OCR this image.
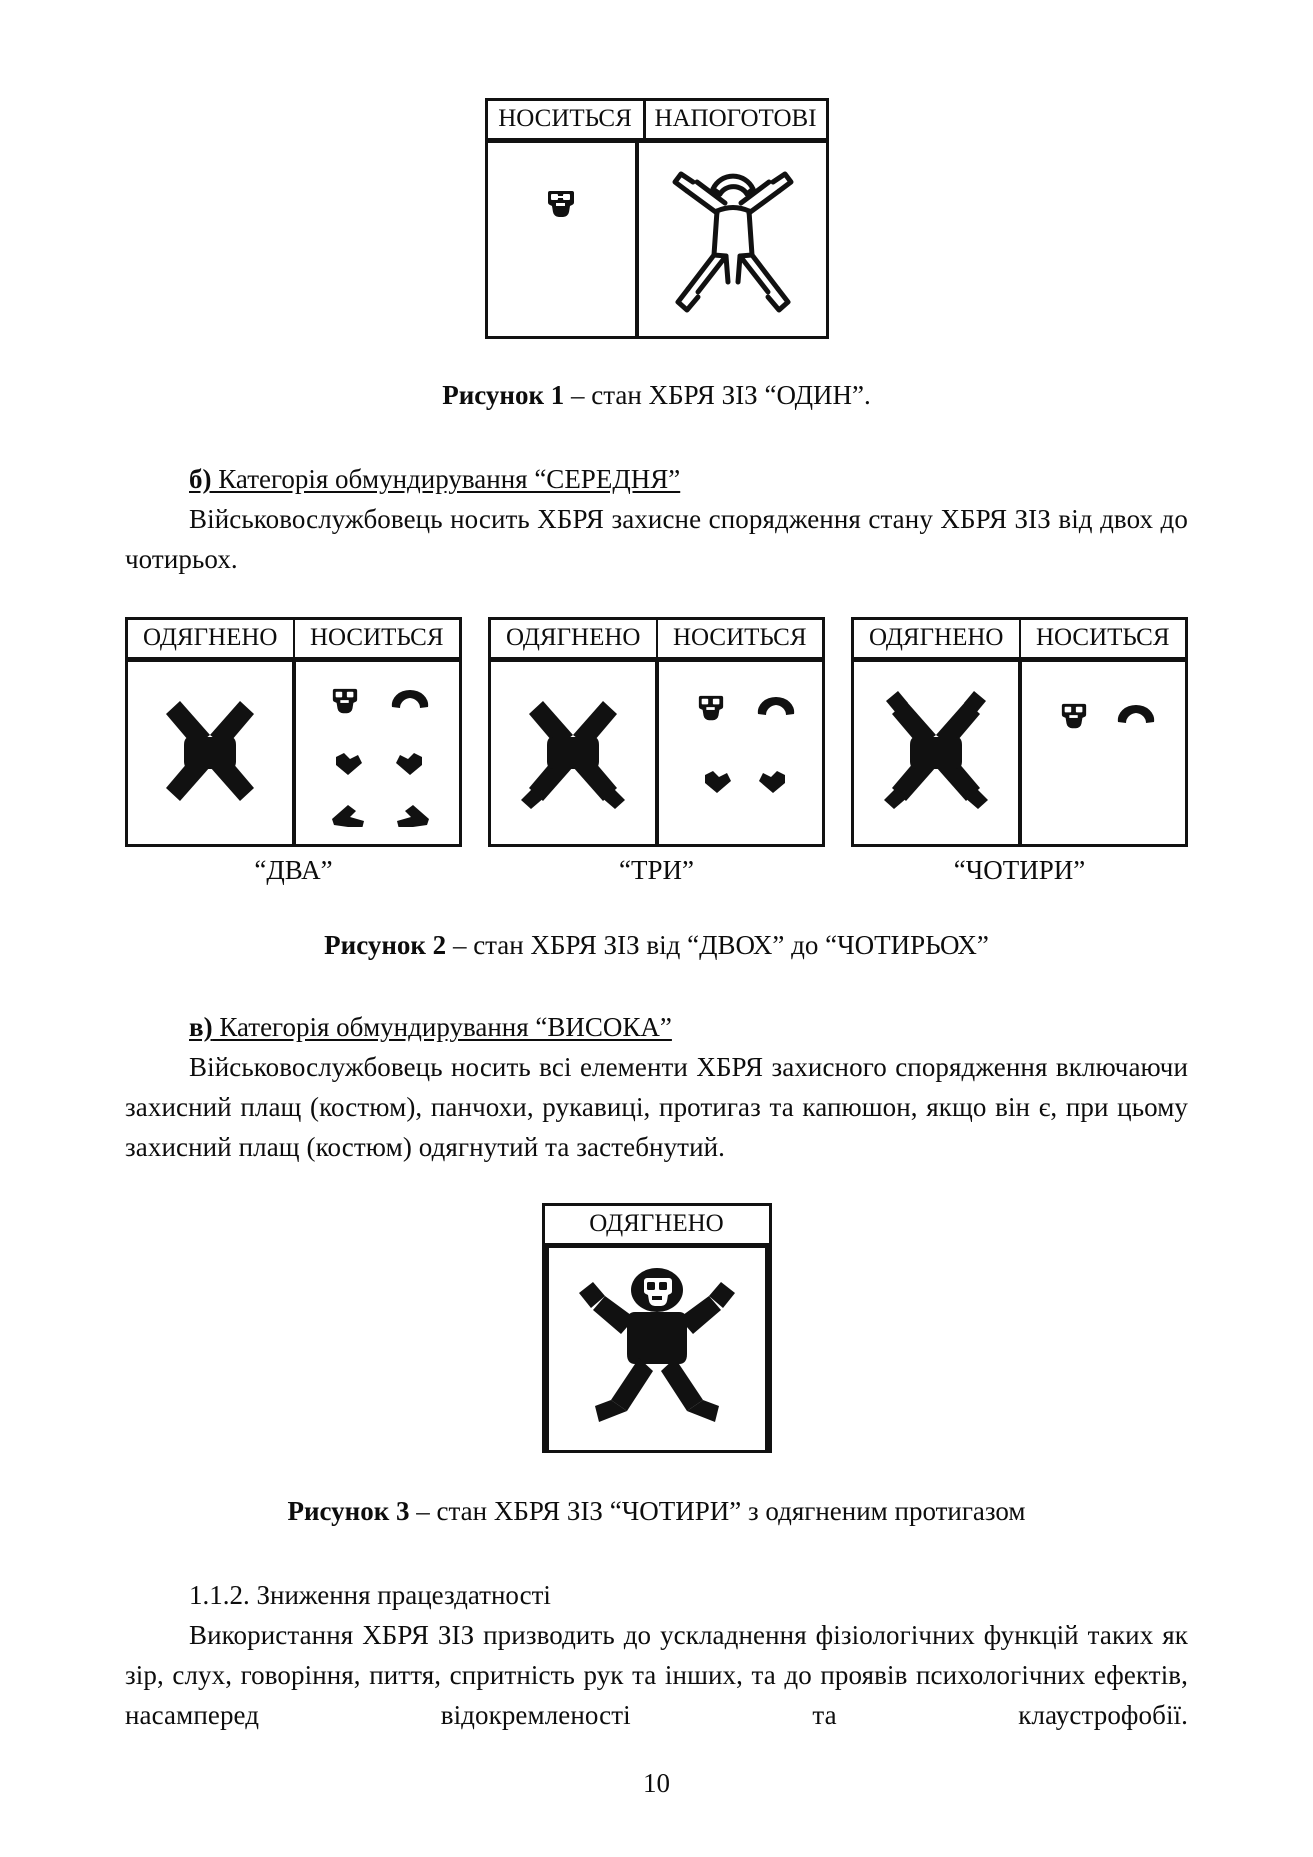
НОСИТЬСЯ НАПОГОТОВІ

Рисунок 1 – стан ХБРЯ ЗІЗ “ОДИН”.

б) Категорія обмундирування “СЕРЕДНЯ”

Військовослужбовець носить ХБРЯ захисне спорядження стану ХБРЯ ЗІЗ від двох до чотирьох.

ОДЯГНЕНО	НОСИТЬСЯ
“ДВА”
ОДЯГНЕНО	НОСИТЬСЯ
“ТРИ”
ОДЯГНЕНО	НОСИТЬСЯ
“ЧОТИРИ”

Рисунок 2 – стан ХБРЯ ЗІЗ від “ДВОХ” до “ЧОТИРЬОХ”

в) Категорія обмундирування “ВИСОКА”

Військовослужбовець носить всі елементи ХБРЯ захисного спорядження включаючи захисний плащ (костюм), панчохи, рукавиці, протигаз та капюшон, якщо він є, при цьому захисний плащ (костюм) одягнутий та застебнутий.

ОДЯГНЕНО

Рисунок 3 – стан ХБРЯ ЗІЗ “ЧОТИРИ” з одягненим протигазом

1.1.2. Зниження працездатності

Використання ХБРЯ ЗІЗ призводить до ускладнення фізіологічних функцій таких як зір, слух, говоріння, пиття, спритність рук та інших, та до проявів психологічних ефектів, насамперед відокремленості та клаустрофобії.

10
